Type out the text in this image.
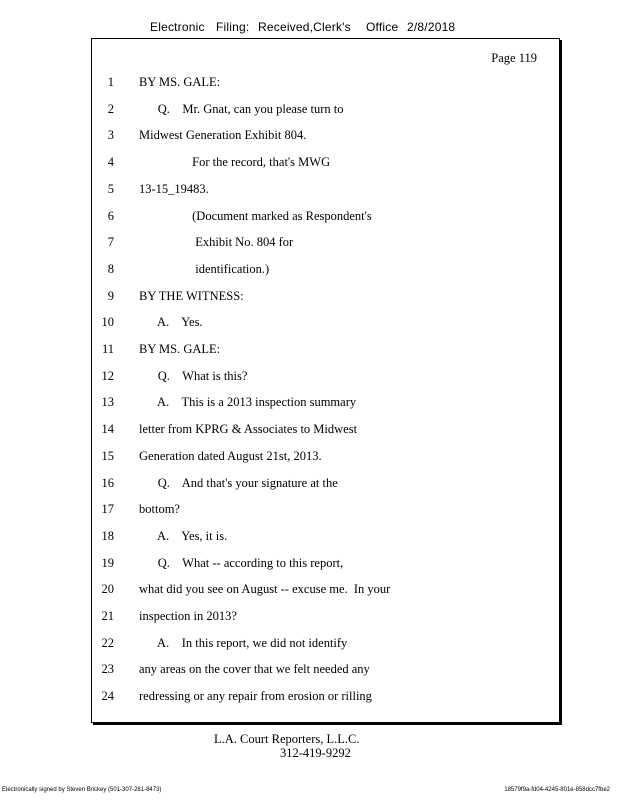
Electronic Filing: Received,Clerk's Office 2/8/2018
Page 119
1 BY MS. GALE:
2 Q.    Mr. Gnat, can you please turn to
3 Midwest Generation Exhibit 804.
4 For the record, that's MWG
5 13-15_19483.
6 (Document marked as Respondent's
7 Exhibit No. 804 for
8 identification.)
9 BY THE WITNESS:
10 A.    Yes.
11 BY MS. GALE:
12 Q.    What is this?
13 A.    This is a 2013 inspection summary
14 letter from KPRG & Associates to Midwest
15 Generation dated August 21st, 2013.
16 Q.    And that's your signature at the
17 bottom?
18 A.    Yes, it is.
19 Q.    What -- according to this report,
20 what did you see on August -- excuse me.  In your
21 inspection in 2013?
22 A.    In this report, we did not identify
23 any areas on the cover that we felt needed any
24 redressing or any repair from erosion or rilling
L.A. Court Reporters, L.L.C.
312-419-9292
Electronically signed by Steven Brickey (501-307-281-8473)	18579f9a-fd04-4245-801e-858dcc7fbe2
